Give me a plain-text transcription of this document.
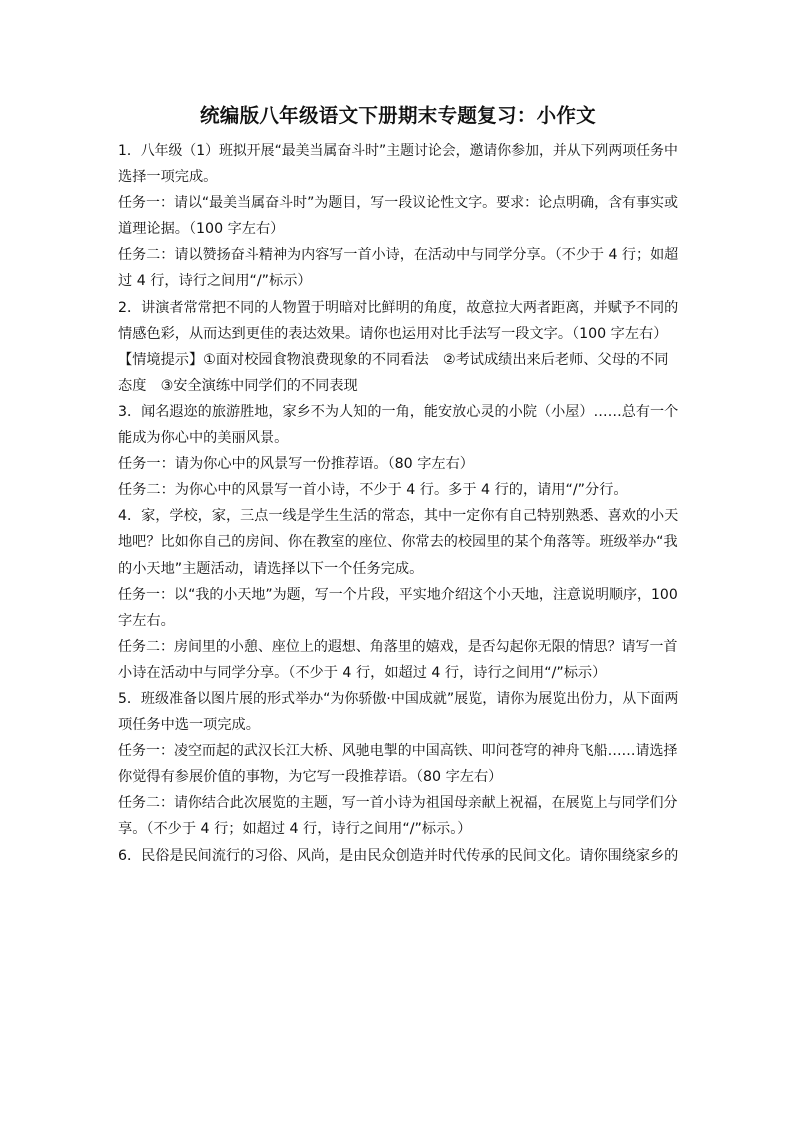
统编版八年级语文下册期末专题复习：小作文
1．八年级（1）班拟开展“最美当属奋斗时”主题讨论会，邀请你参加，并从下列两项任务中
选择一项完成。
任务一：请以“最美当属奋斗时”为题目，写一段议论性文字。要求：论点明确，含有事实或
道理论据。（100 字左右）
任务二：请以赞扬奋斗精神为内容写一首小诗，在活动中与同学分享。（不少于 4 行；如超
过 4 行，诗行之间用“/”标示）
2．讲演者常常把不同的人物置于明暗对比鲜明的角度，故意拉大两者距离，并赋予不同的
情感色彩，从而达到更佳的表达效果。请你也运用对比手法写一段文字。（100 字左右）
【情境提示】①面对校园食物浪费现象的不同看法　②考试成绩出来后老师、父母的不同
态度　③安全演练中同学们的不同表现
3．闻名遐迩的旅游胜地，家乡不为人知的一角，能安放心灵的小院（小屋）……总有一个
能成为你心中的美丽风景。
任务一：请为你心中的风景写一份推荐语。（80 字左右）
任务二：为你心中的风景写一首小诗，不少于 4 行。多于 4 行的，请用“/”分行。
4．家，学校，家，三点一线是学生生活的常态，其中一定你有自己特别熟悉、喜欢的小天
地吧？比如你自己的房间、你在教室的座位、你常去的校园里的某个角落等。班级举办“我
的小天地”主题活动，请选择以下一个任务完成。
任务一：以“我的小天地”为题，写一个片段，平实地介绍这个小天地，注意说明顺序，100
字左右。
任务二：房间里的小憩、座位上的遐想、角落里的嬉戏，是否勾起你无限的情思？请写一首
小诗在活动中与同学分享。（不少于 4 行，如超过 4 行，诗行之间用“/”标示）
5．班级准备以图片展的形式举办“为你骄傲·中国成就”展览，请你为展览出份力，从下面两
项任务中选一项完成。
任务一：凌空而起的武汉长江大桥、风驰电掣的中国高铁、叩问苍穹的神舟飞船……请选择
你觉得有参展价值的事物，为它写一段推荐语。（80 字左右）
任务二：请你结合此次展览的主题，写一首小诗为祖国母亲献上祝福，在展览上与同学们分
享。（不少于 4 行；如超过 4 行，诗行之间用“/”标示。）
6．民俗是民间流行的习俗、风尚，是由民众创造并时代传承的民间文化。请你围绕家乡的
